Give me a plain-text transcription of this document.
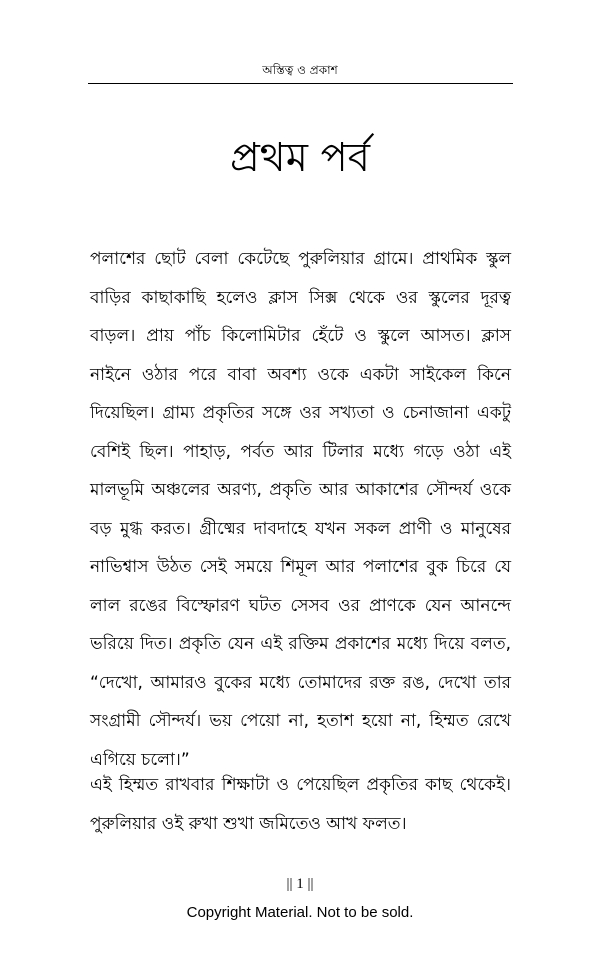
অস্তিত্ব ও প্রকাশ
প্রথম পর্ব

পলাশের ছোট বেলা কেটেছে পুরুলিয়ার গ্রামে। প্রাথমিক স্কুল বাড়ির কাছাকাছি হলেও ক্লাস সিক্স থেকে ওর স্কুলের দূরত্ব বাড়ল। প্রায় পাঁচ কিলোমিটার হেঁটে ও স্কুলে আসত। ক্লাস নাইনে ওঠার পরে বাবা অবশ্য ওকে একটা সাইকেল কিনে দিয়েছিল। গ্রাম্য প্রকৃতির সঙ্গে ওর সখ্যতা ও চেনাজানা একটু বেশিই ছিল। পাহাড়, পর্বত আর টিলার মধ্যে গড়ে ওঠা এই মালভূমি অঞ্চলের অরণ্য, প্রকৃতি আর আকাশের সৌন্দর্য ওকে বড় মুগ্ধ করত। গ্রীষ্মের দাবদাহে যখন সকল প্রাণী ও মানুষের নাভিশ্বাস উঠত সেই সময়ে শিমূল আর পলাশের বুক চিরে যে লাল রঙের বিস্ফোরণ ঘটত সেসব ওর প্রাণকে যেন আনন্দে ভরিয়ে দিত। প্রকৃতি যেন এই রক্তিম প্রকাশের মধ্যে দিয়ে বলত, “দেখো, আমারও বুকের মধ্যে তোমাদের রক্ত রঙ, দেখো তার সংগ্রামী সৌন্দর্য। ভয় পেয়ো না, হতাশ হয়ো না, হিম্মত রেখে এগিয়ে চলো।”

এই হিম্মত রাখবার শিক্ষাটা ও পেয়েছিল প্রকৃতির কাছ থেকেই। পুরুলিয়ার ওই রুখা শুখা জমিতেও আখ ফলত।

|| 1 ||
Copyright Material. Not to be sold.
